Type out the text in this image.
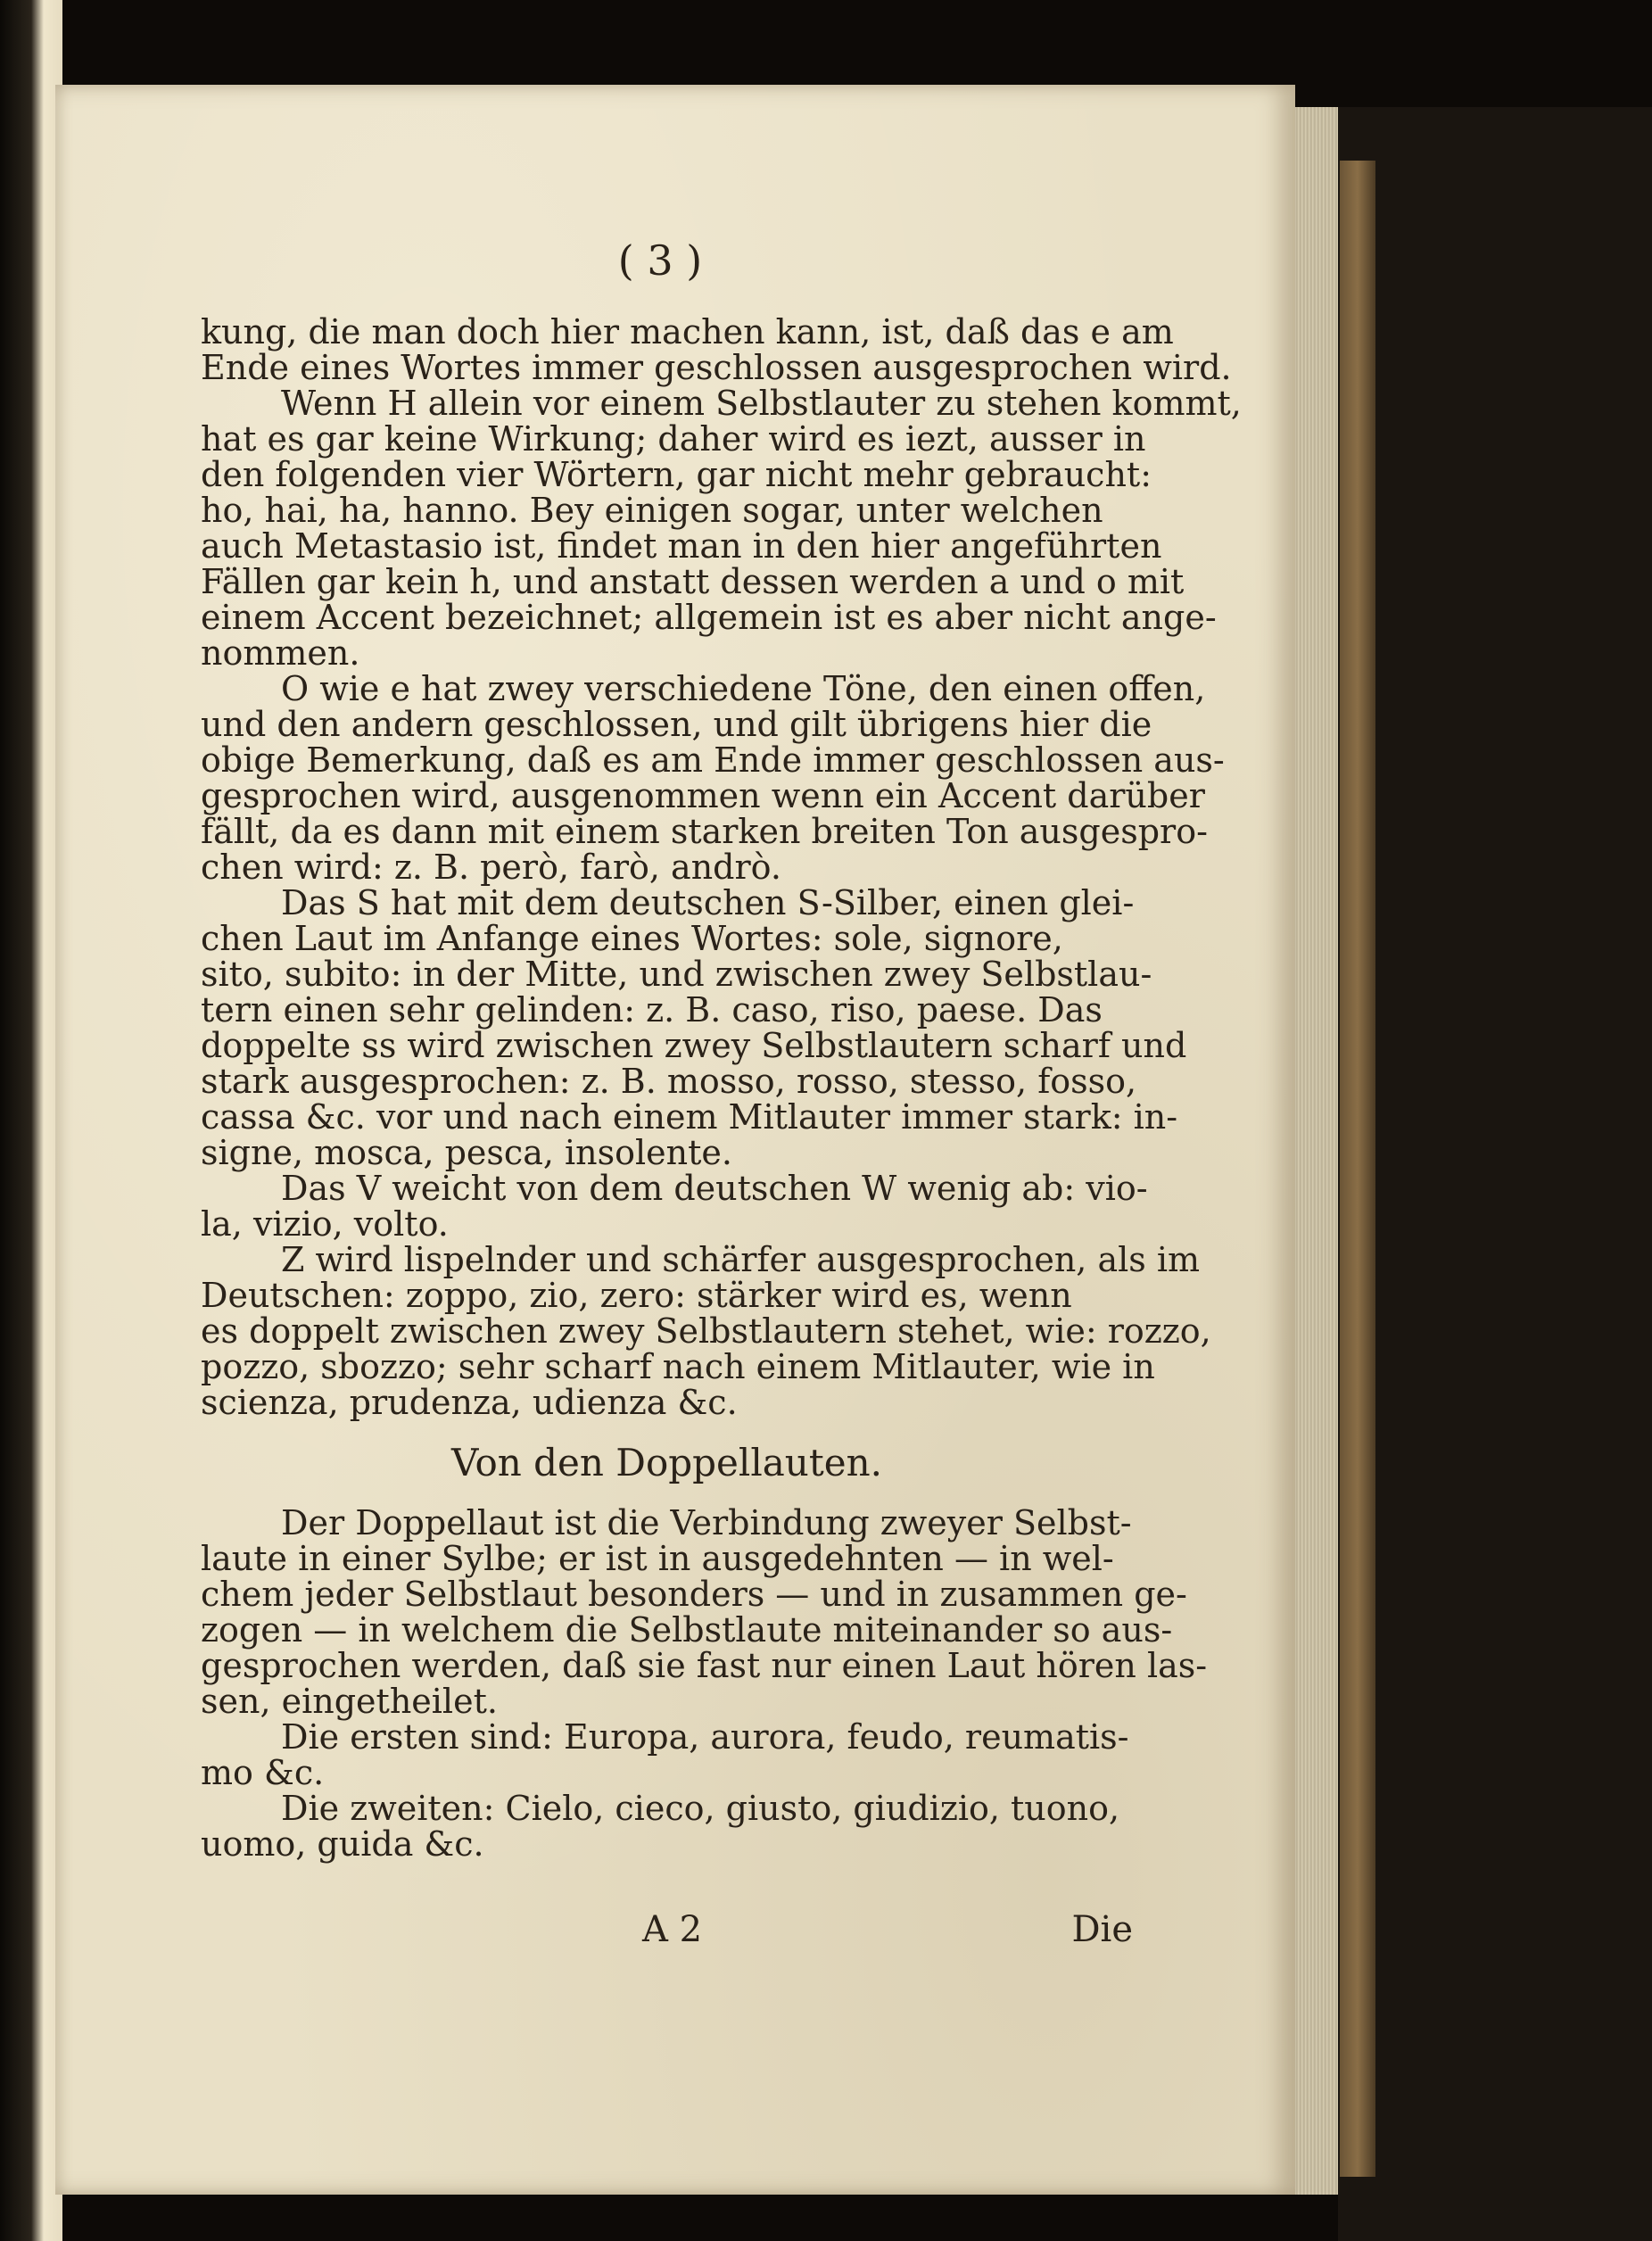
( 3 )
kung, die man doch hier machen kann, ist, daß das e am
Ende eines Wortes immer geschlossen ausgesprochen wird.
Wenn H allein vor einem Selbstlauter zu stehen kommt,
hat es gar keine Wirkung; daher wird es iezt, ausser in
den folgenden vier Wörtern, gar nicht mehr gebraucht:
ho, hai, ha, hanno. Bey einigen sogar, unter welchen
auch Metastasio ist, findet man in den hier angeführten
Fällen gar kein h, und anstatt dessen werden a und o mit
einem Accent bezeichnet; allgemein ist es aber nicht ange-
nommen.
O wie e hat zwey verschiedene Töne, den einen offen,
und den andern geschlossen, und gilt übrigens hier die
obige Bemerkung, daß es am Ende immer geschlossen aus-
gesprochen wird, ausgenommen wenn ein Accent darüber
fällt, da es dann mit einem starken breiten Ton ausgespro-
chen wird: z. B. però, farò, andrò.
Das S hat mit dem deutschen S-Silber, einen glei-
chen Laut im Anfange eines Wortes: sole, signore,
sito, subito: in der Mitte, und zwischen zwey Selbstlau-
tern einen sehr gelinden: z. B. caso, riso, paese. Das
doppelte ss wird zwischen zwey Selbstlautern scharf und
stark ausgesprochen: z. B. mosso, rosso, stesso, fosso,
cassa &c. vor und nach einem Mitlauter immer stark: in-
signe, mosca, pesca, insolente.
Das V weicht von dem deutschen W wenig ab: vio-
la, vizio, volto.
Z wird lispelnder und schärfer ausgesprochen, als im
Deutschen: zoppo, zio, zero: stärker wird es, wenn
es doppelt zwischen zwey Selbstlautern stehet, wie: rozzo,
pozzo, sbozzo; sehr scharf nach einem Mitlauter, wie in
scienza, prudenza, udienza &c.
Von den Doppellauten.
Der Doppellaut ist die Verbindung zweyer Selbst-
laute in einer Sylbe; er ist in ausgedehnten — in wel-
chem jeder Selbstlaut besonders — und in zusammen ge-
zogen — in welchem die Selbstlaute miteinander so aus-
gesprochen werden, daß sie fast nur einen Laut hören las-
sen, eingetheilet.
Die ersten sind: Europa, aurora, feudo, reumatis-
mo &c.
Die zweiten: Cielo, cieco, giusto, giudizio, tuono,
uomo, guida &c.
A 2	Die
